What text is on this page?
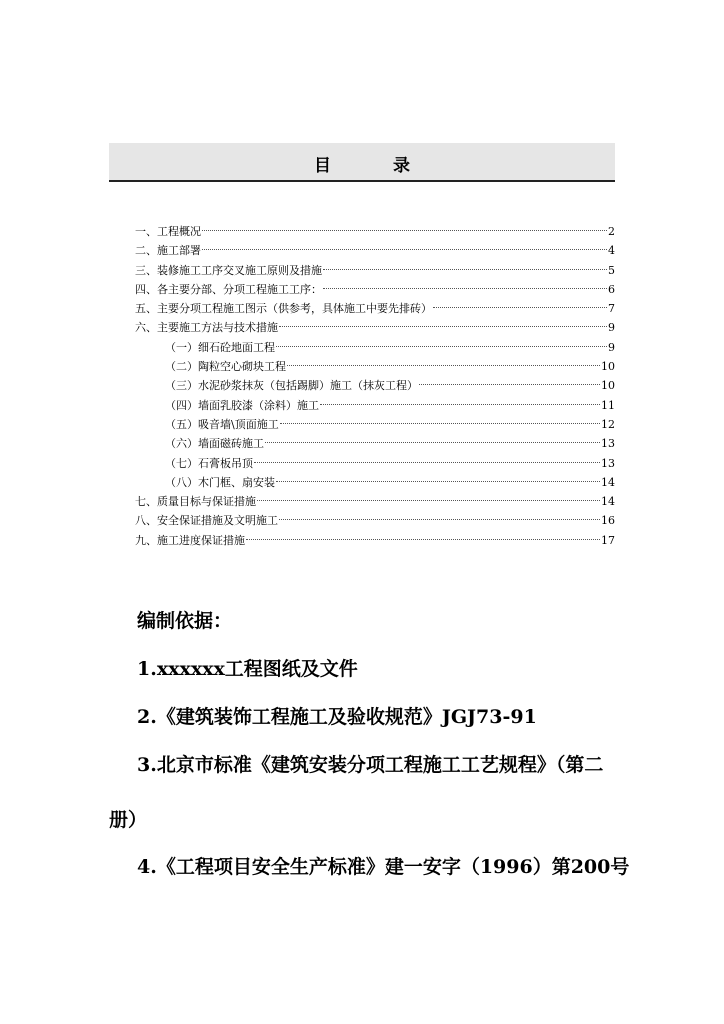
目录
一、工程概况	2
二、施工部署	4
三、装修施工工序交叉施工原则及措施	5
四、各主要分部、分项工程施工工序：	6
五、主要分项工程施工图示（供参考，具体施工中要先排砖）	7
六、主要施工方法与技术措施	9
（一）细石砼地面工程	9
（二）陶粒空心砌块工程	10
（三）水泥砂浆抹灰（包括踢脚）施工（抹灰工程）	10
（四）墙面乳胶漆（涂料）施工	11
（五）吸音墙\顶面施工	12
（六）墙面磁砖施工	13
（七）石膏板吊顶	13
（八）木门框、扇安装	14
七、质量目标与保证措施	14
八、安全保证措施及文明施工	16
九、施工进度保证措施	17
编制依据：
1.xxxxxx工程图纸及文件
2.《建筑装饰工程施工及验收规范》JGJ73-91
3.北京市标准《建筑安装分项工程施工工艺规程》（第二
册）
4.《工程项目安全生产标准》建一安字（1996）第200号
